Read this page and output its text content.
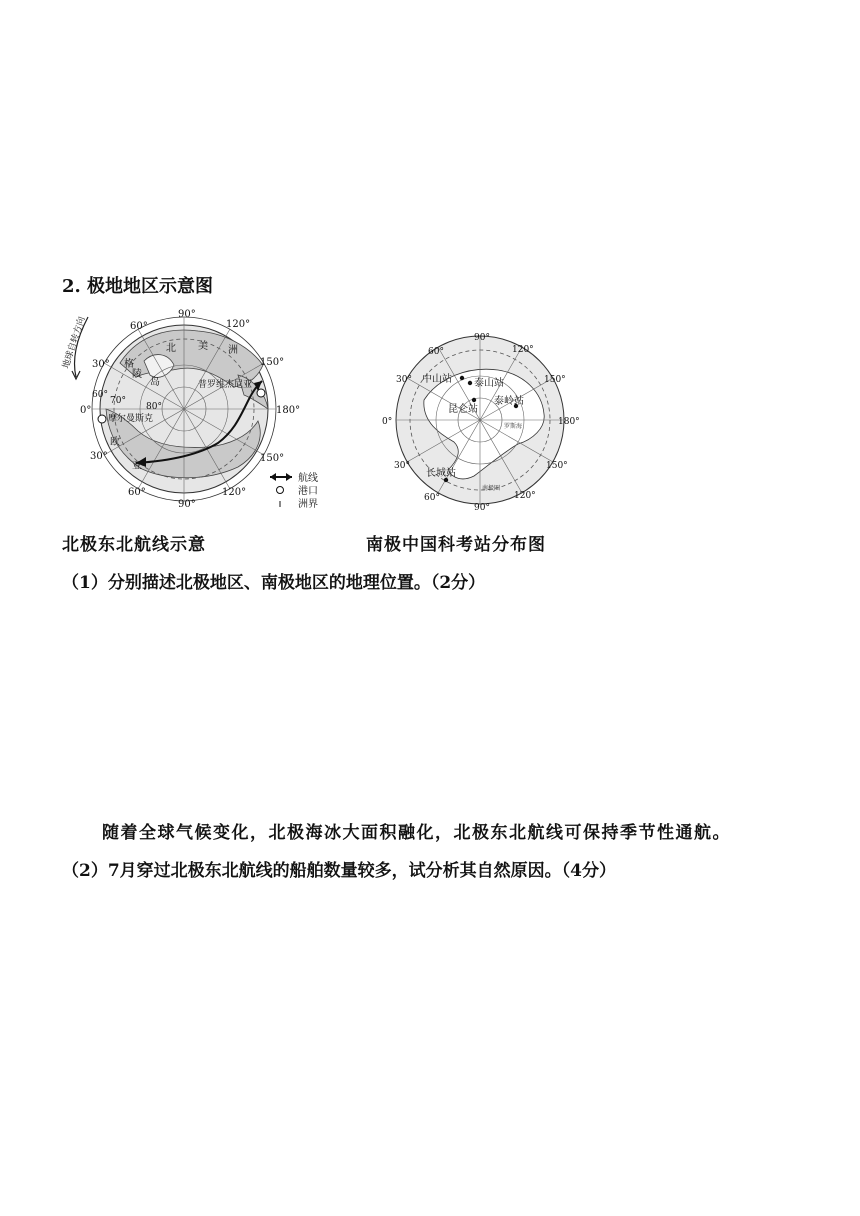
2. 极地地区示意图
地球自转方向
90°
120°
150°
180°
150°
120°
90°
60°
30°
0°
30°
60°
80°
70°
60°
北 美 洲
格
陵
岛	普罗维杰尼亚
摩尔曼斯克
欧
亚
航线
港口
洲界
90°
120°
150°
180°
150°
120°
90°
60°
30°
0°
30°
60°
中山站 泰山站
昆仑站
泰岭站
长城站
罗斯海
南极圈
北极东北航线示意	南极中国科考站分布图
（1）分别描述北极地区、南极地区的地理位置。（2分）
随着全球气候变化，北极海冰大面积融化，北极东北航线可保持季节性通航。
（2）7月穿过北极东北航线的船舶数量较多，试分析其自然原因。（4分）
